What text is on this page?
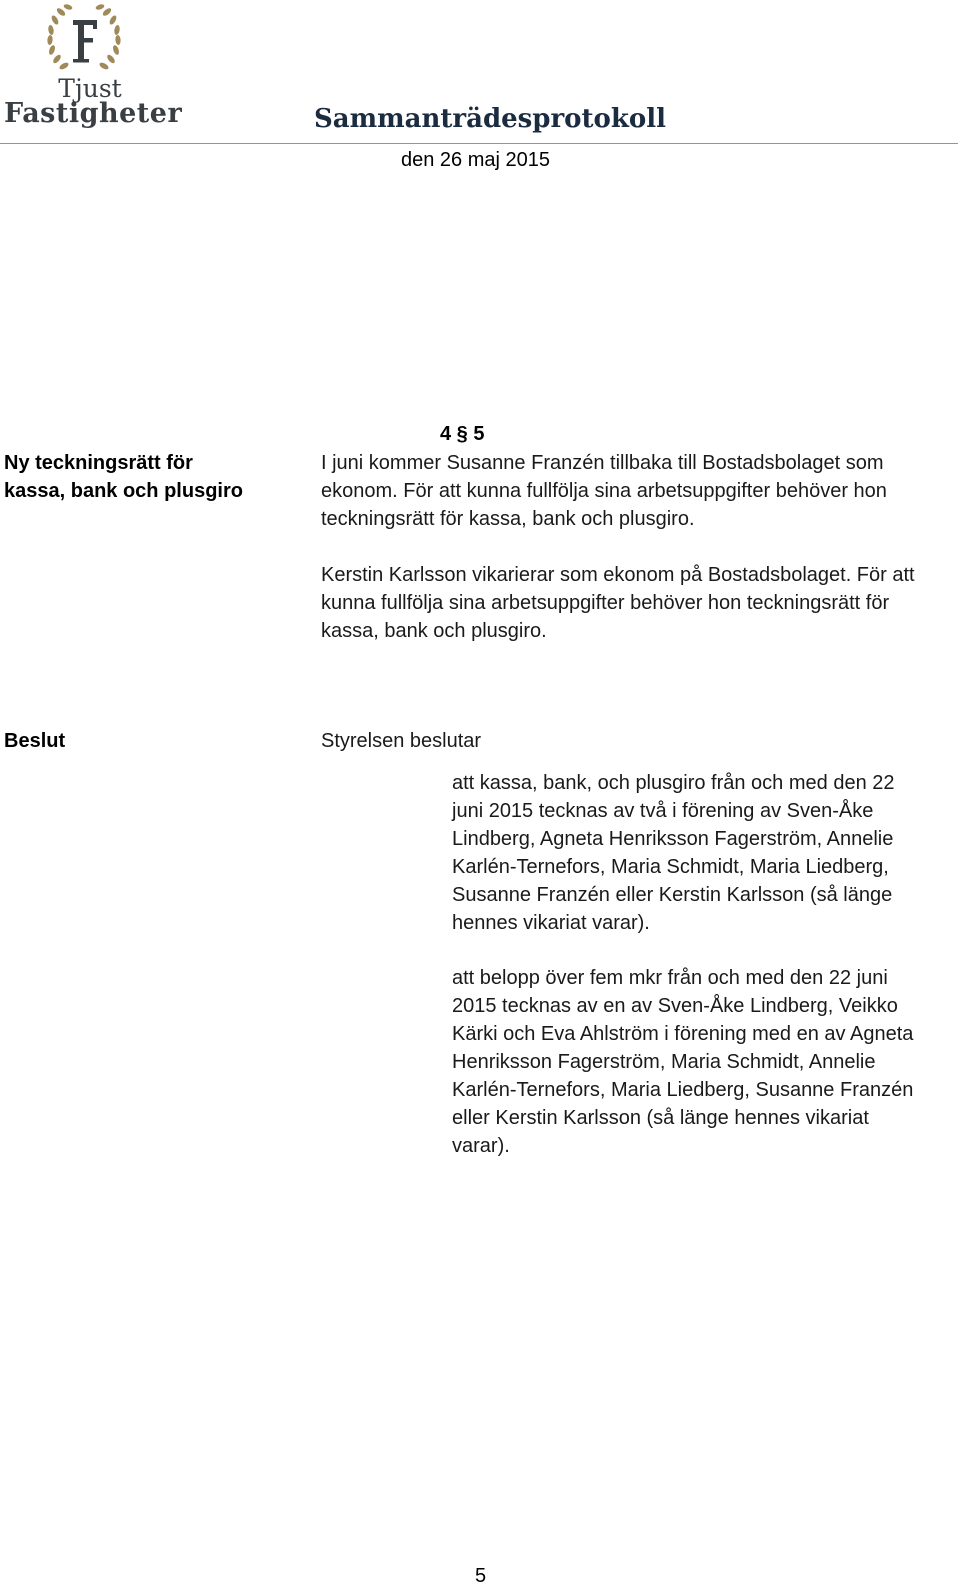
Tjust
Fastigheter	Sammanträdesprotokoll
den 26 maj 2015
4 § 5
Ny teckningsrätt för kassa, bank och plusgiro
I juni kommer Susanne Franzén tillbaka till Bostadsbolaget som ekonom. För att kunna fullfölja sina arbetsuppgifter behöver hon teckningsrätt för kassa, bank och plusgiro.
Kerstin Karlsson vikarierar som ekonom på Bostadsbolaget. För att kunna fullfölja sina arbetsuppgifter behöver hon teckningsrätt för kassa, bank och plusgiro.
Beslut	Styrelsen beslutar
att kassa, bank, och plusgiro från och med den 22 juni 2015 tecknas av två i förening av Sven-Åke Lindberg, Agneta Henriksson Fagerström, Annelie Karlén-Ternefors, Maria Schmidt, Maria Liedberg, Susanne Franzén eller Kerstin Karlsson (så länge hennes vikariat varar).
att belopp över fem mkr från och med den 22 juni 2015 tecknas av en av Sven-Åke Lindberg, Veikko Kärki och Eva Ahlström i förening med en av Agneta Henriksson Fagerström, Maria Schmidt, Annelie Karlén-Ternefors, Maria Liedberg, Susanne Franzén eller Kerstin Karlsson (så länge hennes vikariat varar).
5
